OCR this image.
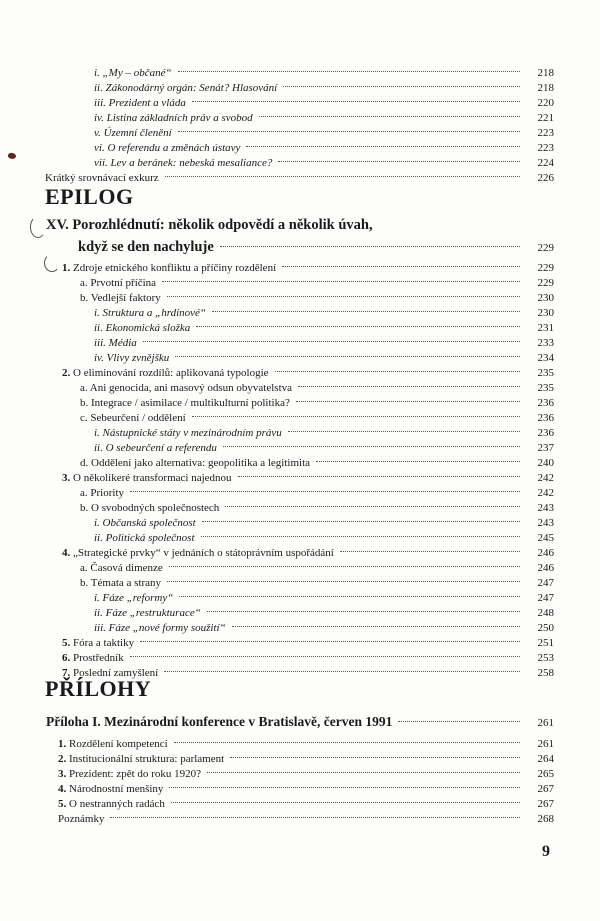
i. „My – občané“	218
ii. Zákonodárný orgán: Senát? Hlasování	218
iii. Prezident a vláda	220
iv. Listina základních práv a svobod	221
v. Územní členění	223
vi. O referendu a změnách ústavy	223
vii. Lev a beránek: nebeská mesaliance?	224
Krátký srovnávací exkurz	226
EPILOG
XV. Porozhlédnutí: několik odpovědí a několik úvah,
když se den nachyluje	229
1. Zdroje etnického konfliktu a příčiny rozdělení	229
a. Prvotní příčina	229
b. Vedlejší faktory	230
i. Struktura a „hrdinové“	230
ii. Ekonomická složka	231
iii. Média	233
iv. Vlivy zvnějšku	234
2. O eliminování rozdílů: aplikovaná typologie	235
a. Ani genocida, ani masový odsun obyvatelstva	235
b. Integrace / asimilace / multikulturní politika?	236
c. Sebeurčení / oddělení	236
i. Nástupnické státy v mezinárodním právu	236
ii. O sebeurčení a referendu	237
d. Oddělení jako alternativa: geopolitika a legitimita	240
3. O několikeré transformaci najednou	242
a. Priority	242
b. O svobodných společnostech	243
i. Občanská společnost	243
ii. Politická společnost	245
4. „Strategické prvky“ v jednáních o státoprávním uspořádání	246
a. Časová dimenze	246
b. Témata a strany	247
i. Fáze „reformy“	247
ii. Fáze „restrukturace“	248
iii. Fáze „nové formy soužití“	250
5. Fóra a taktiky	251
6. Prostředník	253
7. Poslední zamyšlení	258
PŘÍLOHY
Příloha I. Mezinárodní konference v Bratislavě, červen 1991	261
1. Rozdělení kompetencí	261
2. Institucionální struktura: parlament	264
3. Prezident: zpět do roku 1920?	265
4. Národnostní menšiny	267
5. O nestranných radách	267
Poznámky	268
9
